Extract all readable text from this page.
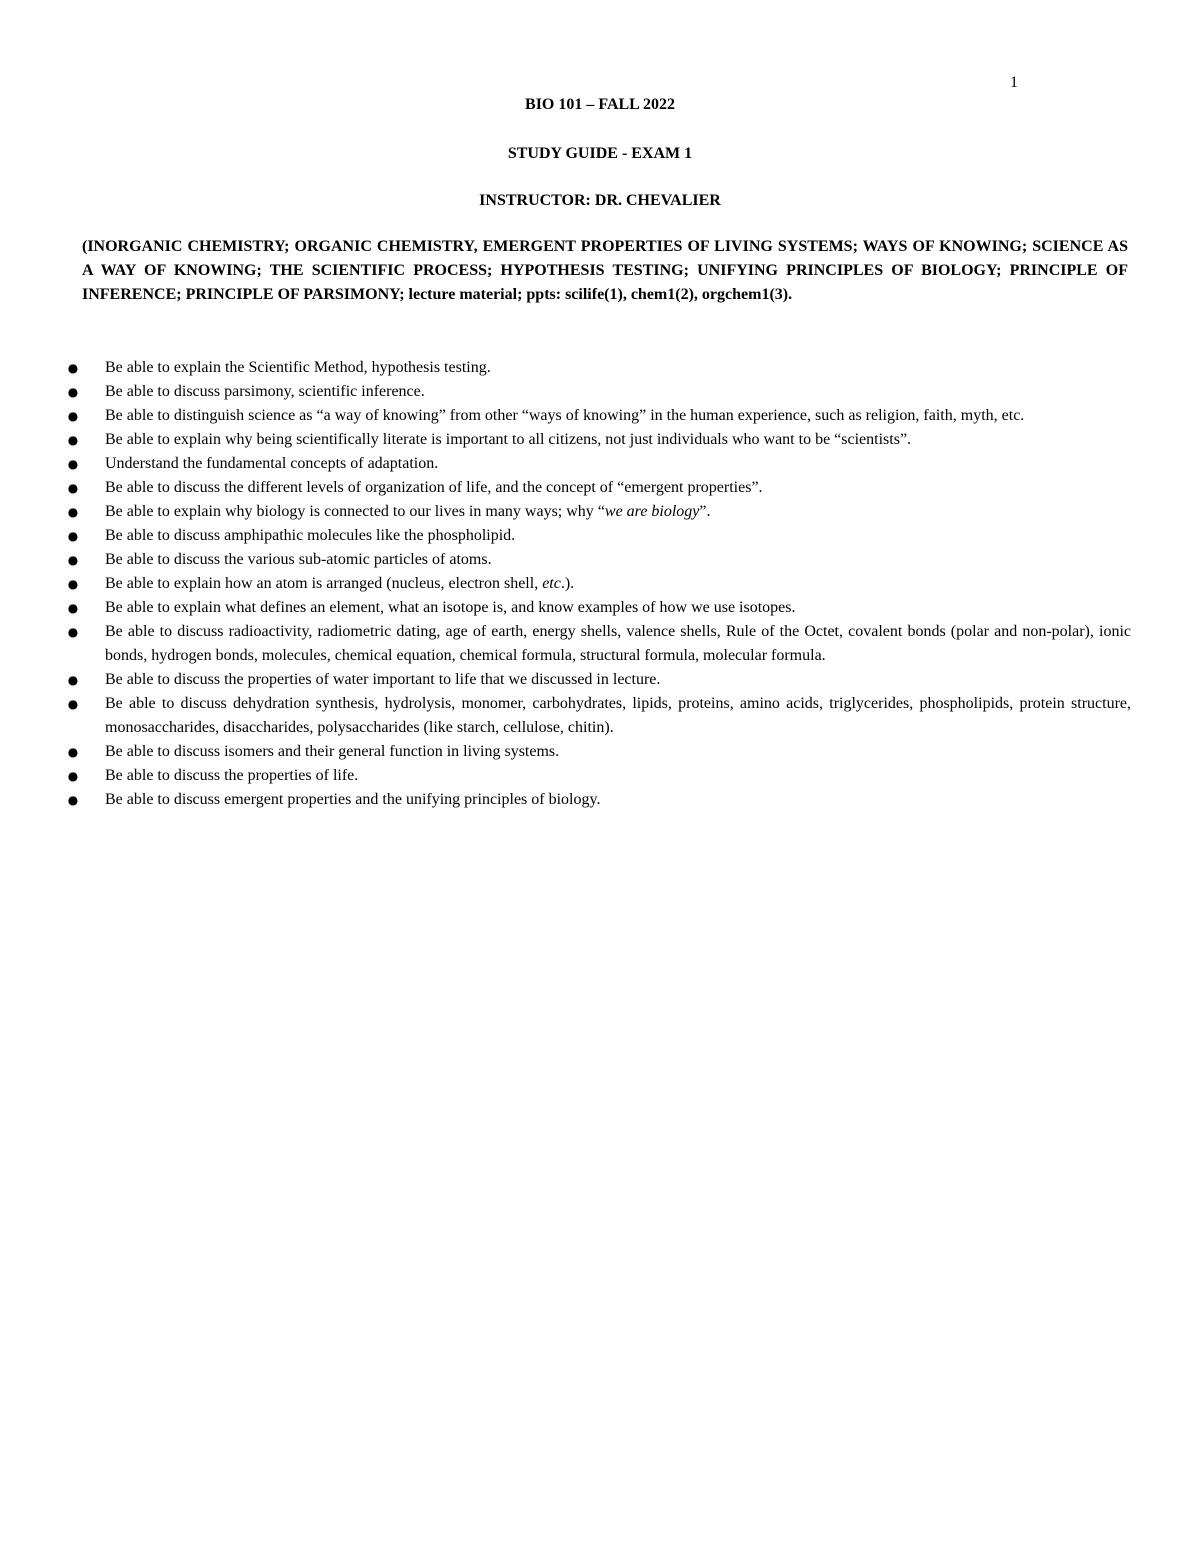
1
BIO 101 – FALL 2022
STUDY GUIDE - EXAM 1
INSTRUCTOR: DR. CHEVALIER
(INORGANIC CHEMISTRY; ORGANIC CHEMISTRY, EMERGENT PROPERTIES OF LIVING SYSTEMS; WAYS OF KNOWING; SCIENCE AS A WAY OF KNOWING; THE SCIENTIFIC PROCESS; HYPOTHESIS TESTING; UNIFYING PRINCIPLES OF BIOLOGY; PRINCIPLE OF INFERENCE; PRINCIPLE OF PARSIMONY; lecture material; ppts: scilife(1), chem1(2), orgchem1(3).
● Be able to explain the Scientific Method, hypothesis testing.
● Be able to discuss parsimony, scientific inference.
● Be able to distinguish science as “a way of knowing” from other “ways of knowing” in the human experience, such as religion, faith, myth, etc.
● Be able to explain why being scientifically literate is important to all citizens, not just individuals who want to be “scientists”.
● Understand the fundamental concepts of adaptation.
● Be able to discuss the different levels of organization of life, and the concept of “emergent properties”.
● Be able to explain why biology is connected to our lives in many ways; why “we are biology”.
● Be able to discuss amphipathic molecules like the phospholipid.
● Be able to discuss the various sub-atomic particles of atoms.
● Be able to explain how an atom is arranged (nucleus, electron shell, etc.).
● Be able to explain what defines an element, what an isotope is, and know examples of how we use isotopes.
● Be able to discuss radioactivity, radiometric dating, age of earth, energy shells, valence shells, Rule of the Octet, covalent bonds (polar and non-polar), ionic bonds, hydrogen bonds, molecules, chemical equation, chemical formula, structural formula, molecular formula.
● Be able to discuss the properties of water important to life that we discussed in lecture.
● Be able to discuss dehydration synthesis, hydrolysis, monomer, carbohydrates, lipids, proteins, amino acids, triglycerides, phospholipids, protein structure, monosaccharides, disaccharides, polysaccharides (like starch, cellulose, chitin).
● Be able to discuss isomers and their general function in living systems.
● Be able to discuss the properties of life.
● Be able to discuss emergent properties and the unifying principles of biology.
